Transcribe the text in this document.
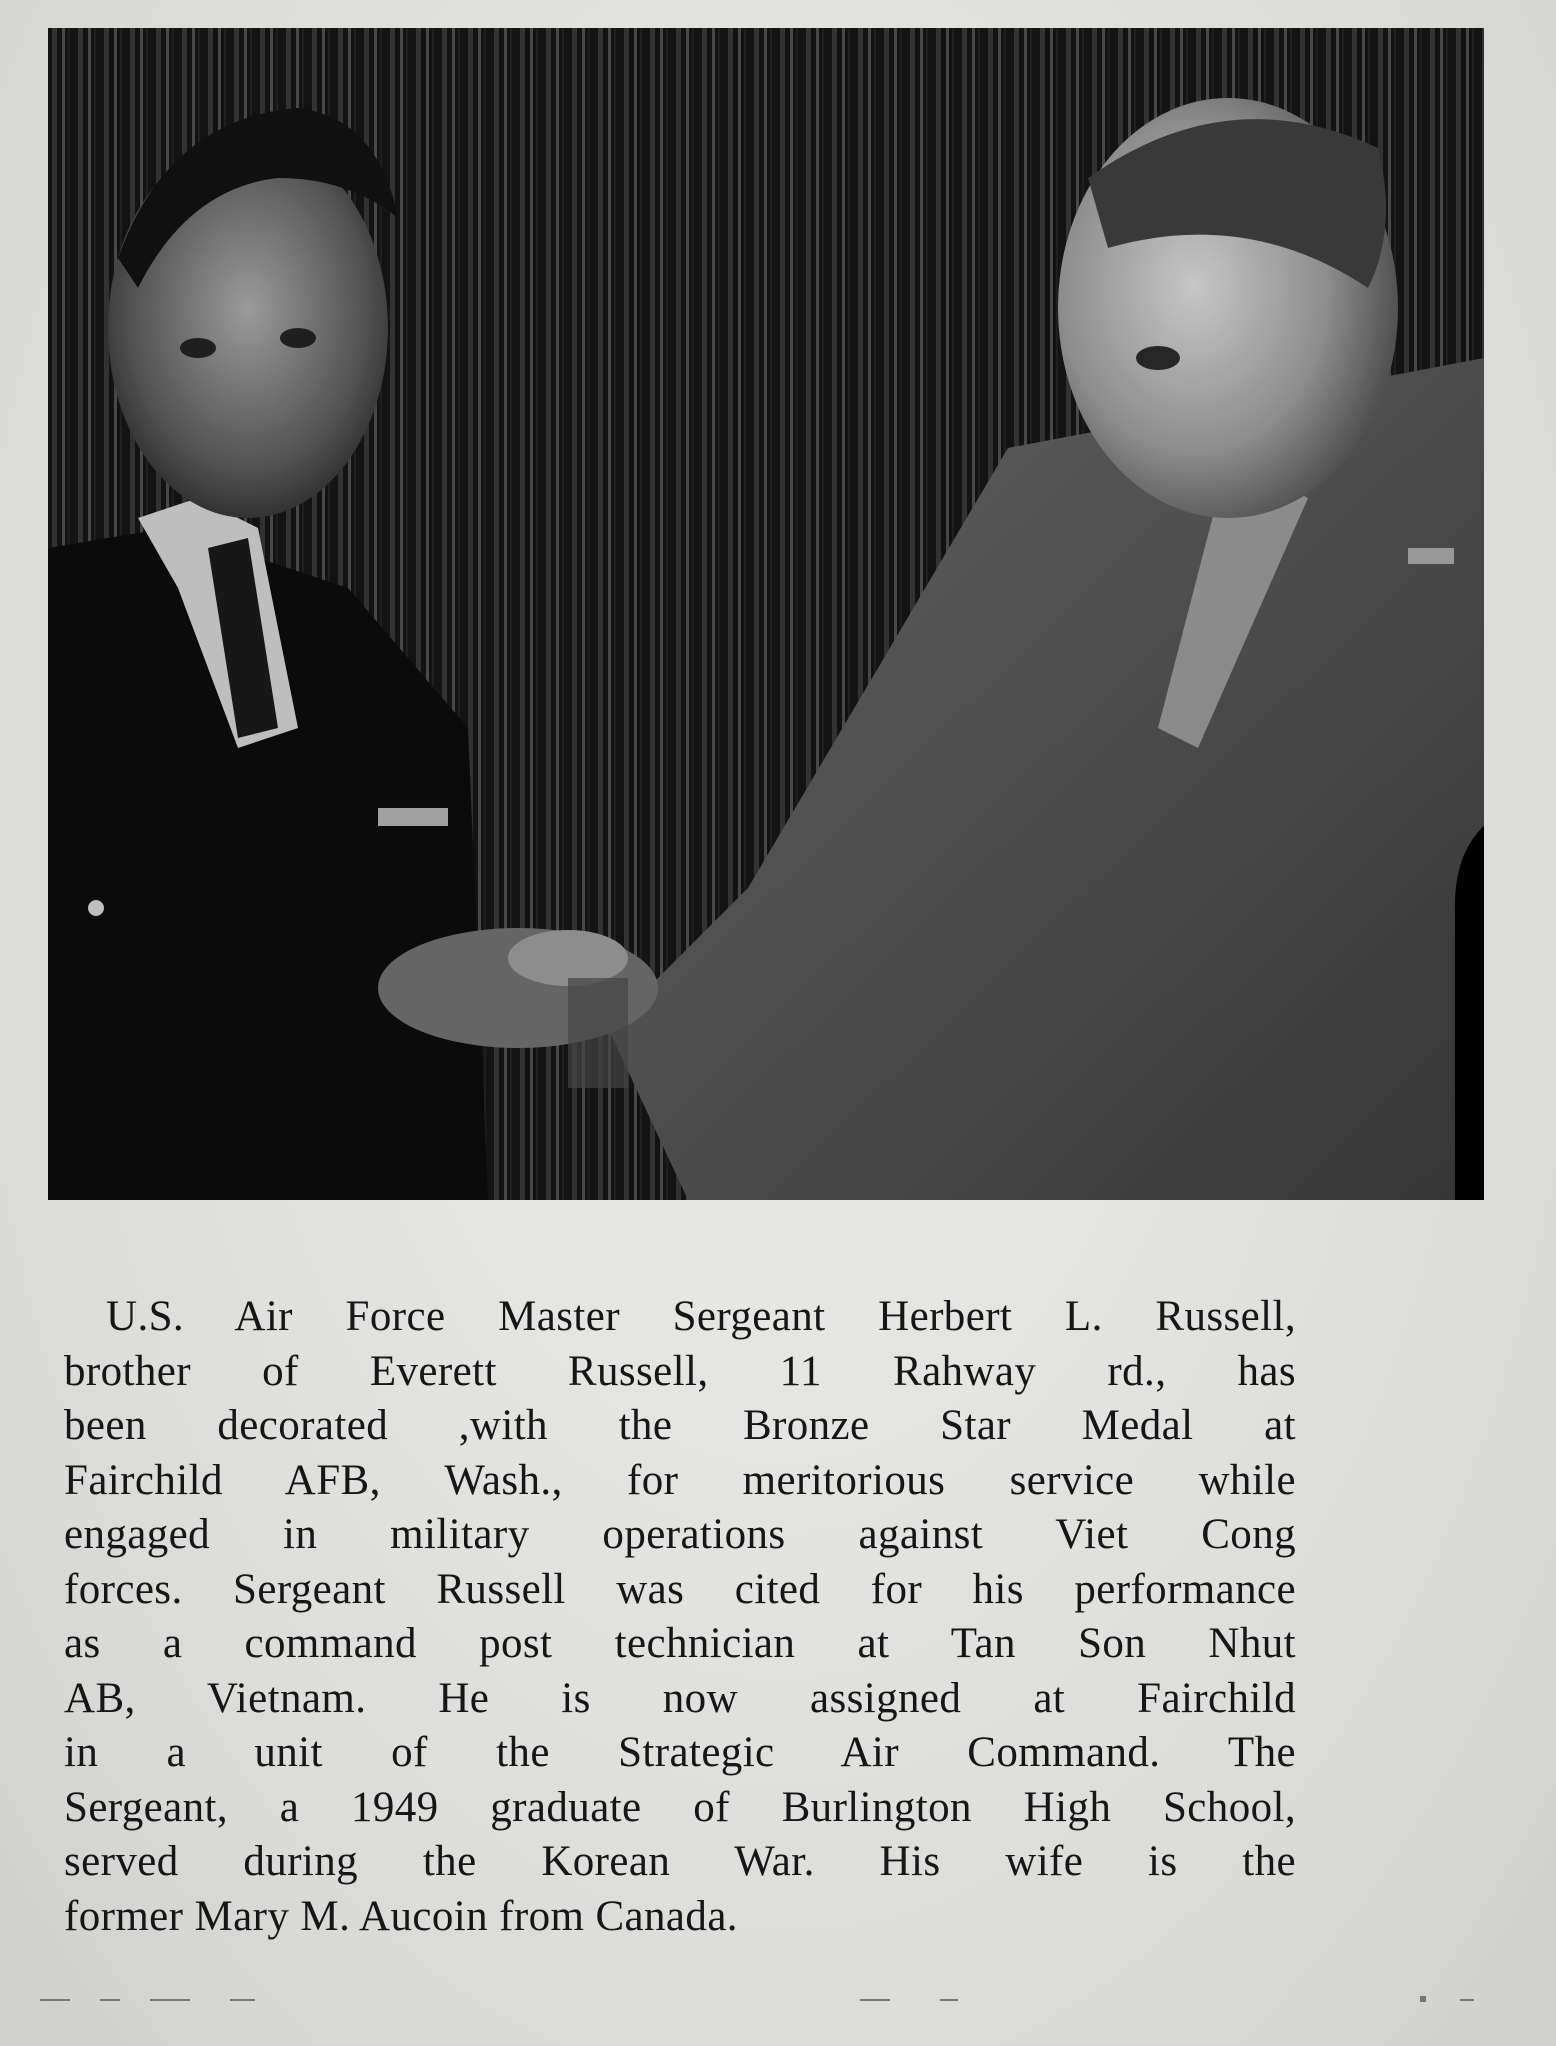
U.S. Air Force Master Sergeant Herbert L. Russell,
brother of Everett Russell, 11 Rahway rd., has
been decorated ,with the Bronze Star Medal at
Fairchild AFB, Wash., for meritorious service while
engaged in military operations against Viet Cong
forces. Sergeant Russell was cited for his performance
as a command post technician at Tan Son Nhut
AB, Vietnam. He is now assigned at Fairchild
in a unit of the Strategic Air Command. The
Sergeant, a 1949 graduate of Burlington High School,
served during the Korean War. His wife is the
former Mary M. Aucoin from Canada.
